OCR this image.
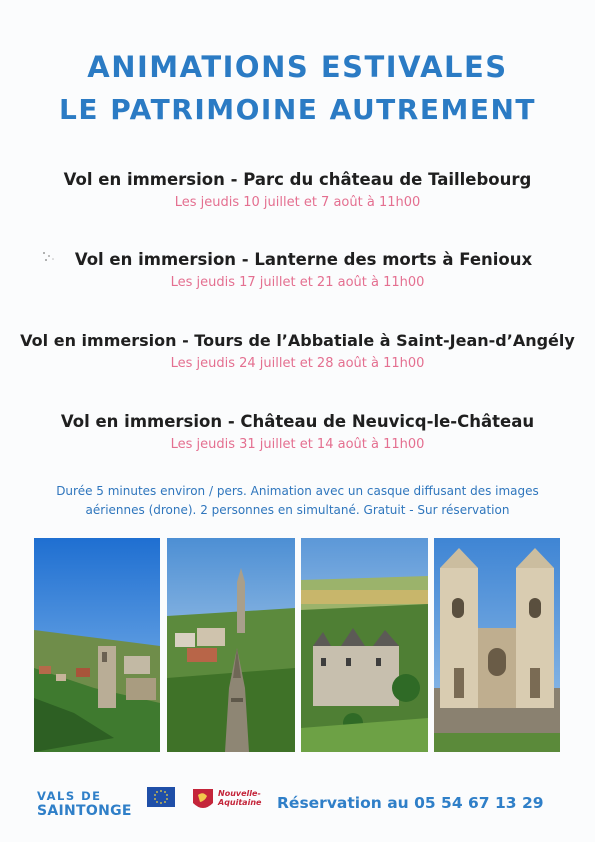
ANIMATIONS ESTIVALES
LE PATRIMOINE AUTREMENT
Vol en immersion - Parc du château de Taillebourg
Les jeudis 10 juillet et 7 août à 11h00
Vol en immersion - Lanterne des morts à Fenioux
Les jeudis 17 juillet et 21 août à 11h00
Vol en immersion - Tours de l’Abbatiale à Saint-Jean-d’Angély
Les jeudis 24 juillet et 28 août à 11h00
Vol en immersion - Château de Neuvicq-le-Château
Les jeudis 31 juillet et 14 août à 11h00
Durée 5 minutes environ / pers. Animation avec un casque diffusant des images
aériennes (drone). 2 personnes en simultané. Gratuit - Sur réservation
VALS DE
SAINTONGE
Nouvelle-
Aquitaine Réservation au 05 54 67 13 29
